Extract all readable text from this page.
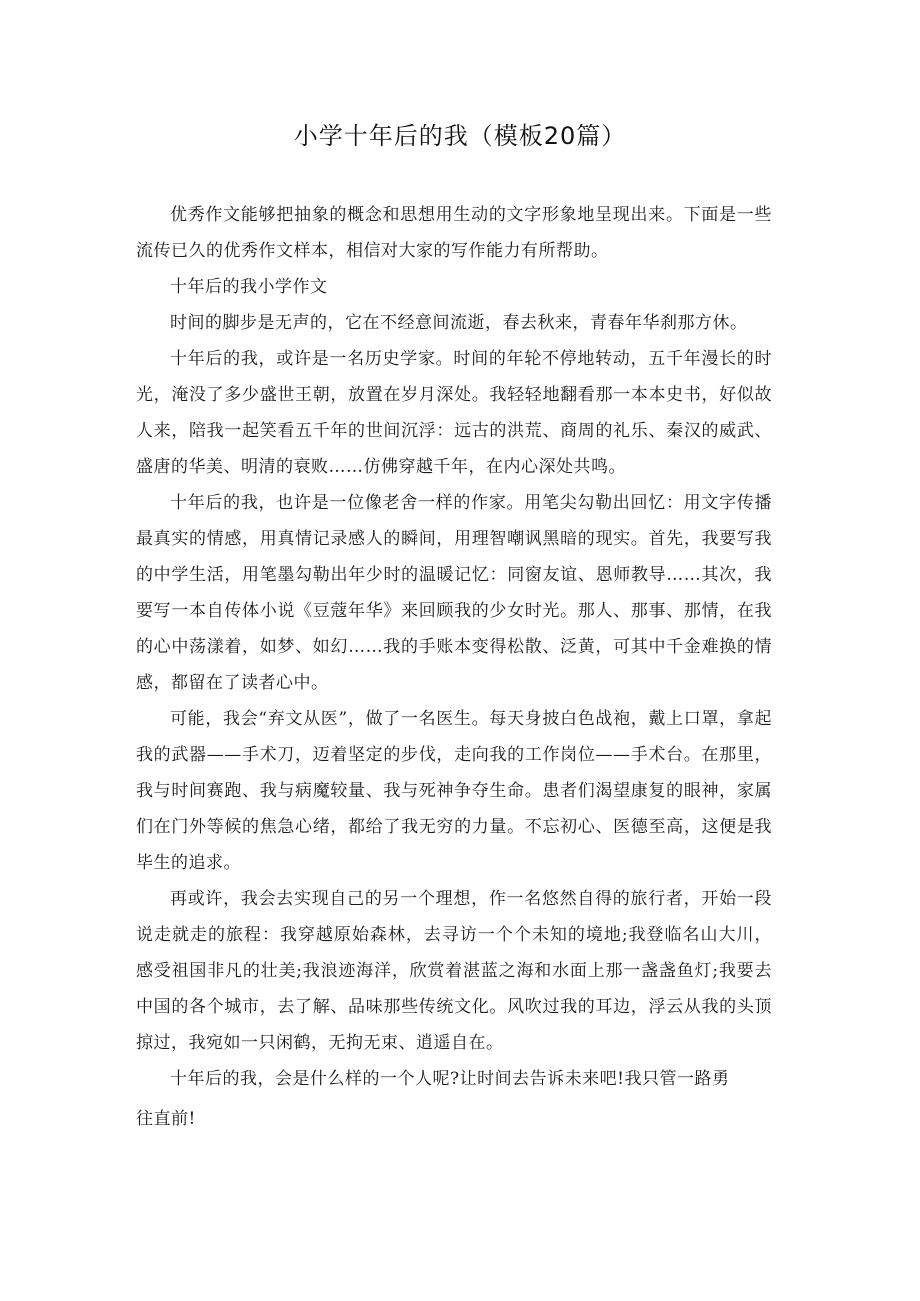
小学十年后的我（模板20篇）

优秀作文能够把抽象的概念和思想用生动的文字形象地呈现出来。下面是一些流传已久的优秀作文样本，相信对大家的写作能力有所帮助。

十年后的我小学作文

时间的脚步是无声的，它在不经意间流逝，春去秋来，青春年华刹那方休。

十年后的我，或许是一名历史学家。时间的年轮不停地转动，五千年漫长的时光，淹没了多少盛世王朝，放置在岁月深处。我轻轻地翻看那一本本史书，好似故人来，陪我一起笑看五千年的世间沉浮：远古的洪荒、商周的礼乐、秦汉的威武、盛唐的华美、明清的衰败……仿佛穿越千年，在内心深处共鸣。

十年后的我，也许是一位像老舍一样的作家。用笔尖勾勒出回忆：用文字传播最真实的情感，用真情记录感人的瞬间，用理智嘲讽黑暗的现实。首先，我要写我的中学生活，用笔墨勾勒出年少时的温暖记忆：同窗友谊、恩师教导……其次，我要写一本自传体小说《豆蔻年华》来回顾我的少女时光。那人、那事、那情，在我的心中荡漾着，如梦、如幻……我的手账本变得松散、泛黄，可其中千金难换的情感，都留在了读者心中。

可能，我会“弃文从医”，做了一名医生。每天身披白色战袍，戴上口罩，拿起我的武器——手术刀，迈着坚定的步伐，走向我的工作岗位——手术台。在那里，我与时间赛跑、我与病魔较量、我与死神争夺生命。患者们渴望康复的眼神，家属们在门外等候的焦急心绪，都给了我无穷的力量。不忘初心、医德至高，这便是我毕生的追求。

再或许，我会去实现自己的另一个理想，作一名悠然自得的旅行者，开始一段说走就走的旅程：我穿越原始森林，去寻访一个个未知的境地;我登临名山大川，感受祖国非凡的壮美;我浪迹海洋，欣赏着湛蓝之海和水面上那一盏盏鱼灯;我要去中国的各个城市，去了解、品味那些传统文化。风吹过我的耳边，浮云从我的头顶掠过，我宛如一只闲鹤，无拘无束、逍遥自在。

十年后的我，会是什么样的一个人呢?让时间去告诉未来吧!我只管一路勇

往直前!
